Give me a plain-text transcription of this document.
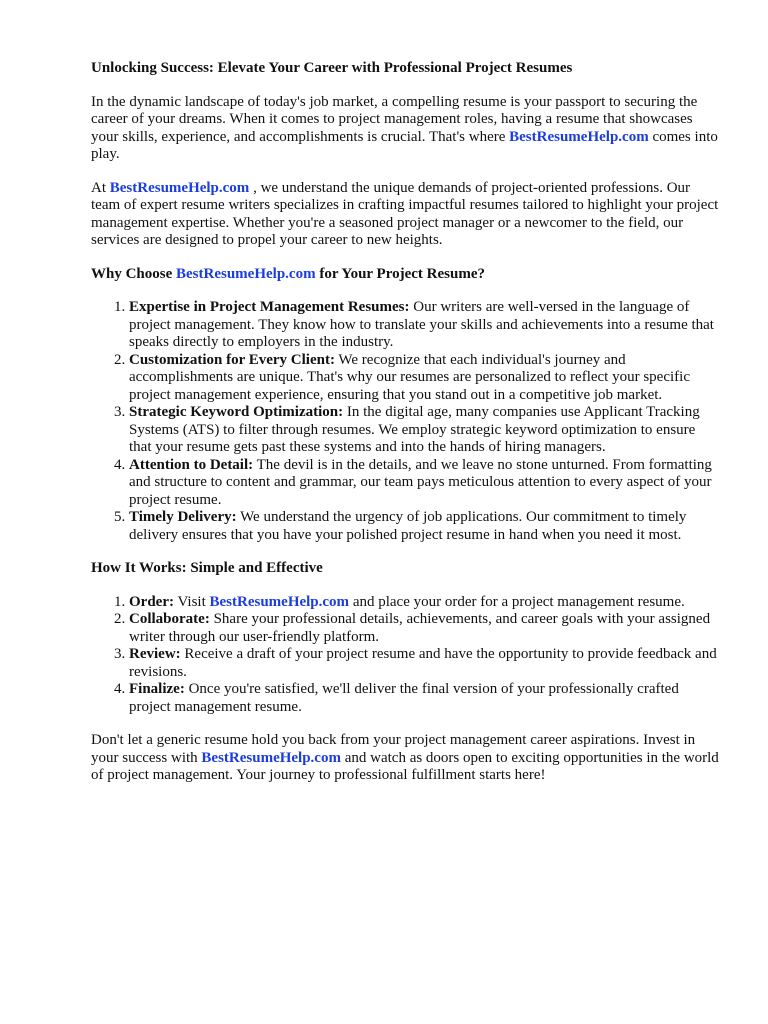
Unlocking Success: Elevate Your Career with Professional Project Resumes

In the dynamic landscape of today's job market, a compelling resume is your passport to securing the career of your dreams. When it comes to project management roles, having a resume that showcases your skills, experience, and accomplishments is crucial. That's where BestResumeHelp.com comes into play.

At BestResumeHelp.com , we understand the unique demands of project-oriented professions. Our team of expert resume writers specializes in crafting impactful resumes tailored to highlight your project management expertise. Whether you're a seasoned project manager or a newcomer to the field, our services are designed to propel your career to new heights.

Why Choose BestResumeHelp.com for Your Project Resume?

1. Expertise in Project Management Resumes: Our writers are well-versed in the language of project management. They know how to translate your skills and achievements into a resume that speaks directly to employers in the industry.
2. Customization for Every Client: We recognize that each individual's journey and accomplishments are unique. That's why our resumes are personalized to reflect your specific project management experience, ensuring that you stand out in a competitive job market.
3. Strategic Keyword Optimization: In the digital age, many companies use Applicant Tracking Systems (ATS) to filter through resumes. We employ strategic keyword optimization to ensure that your resume gets past these systems and into the hands of hiring managers.
4. Attention to Detail: The devil is in the details, and we leave no stone unturned. From formatting and structure to content and grammar, our team pays meticulous attention to every aspect of your project resume.
5. Timely Delivery: We understand the urgency of job applications. Our commitment to timely delivery ensures that you have your polished project resume in hand when you need it most.

How It Works: Simple and Effective

1. Order: Visit BestResumeHelp.com and place your order for a project management resume.
2. Collaborate: Share your professional details, achievements, and career goals with your assigned writer through our user-friendly platform.
3. Review: Receive a draft of your project resume and have the opportunity to provide feedback and revisions.
4. Finalize: Once you're satisfied, we'll deliver the final version of your professionally crafted project management resume.

Don't let a generic resume hold you back from your project management career aspirations. Invest in your success with BestResumeHelp.com and watch as doors open to exciting opportunities in the world of project management. Your journey to professional fulfillment starts here!
